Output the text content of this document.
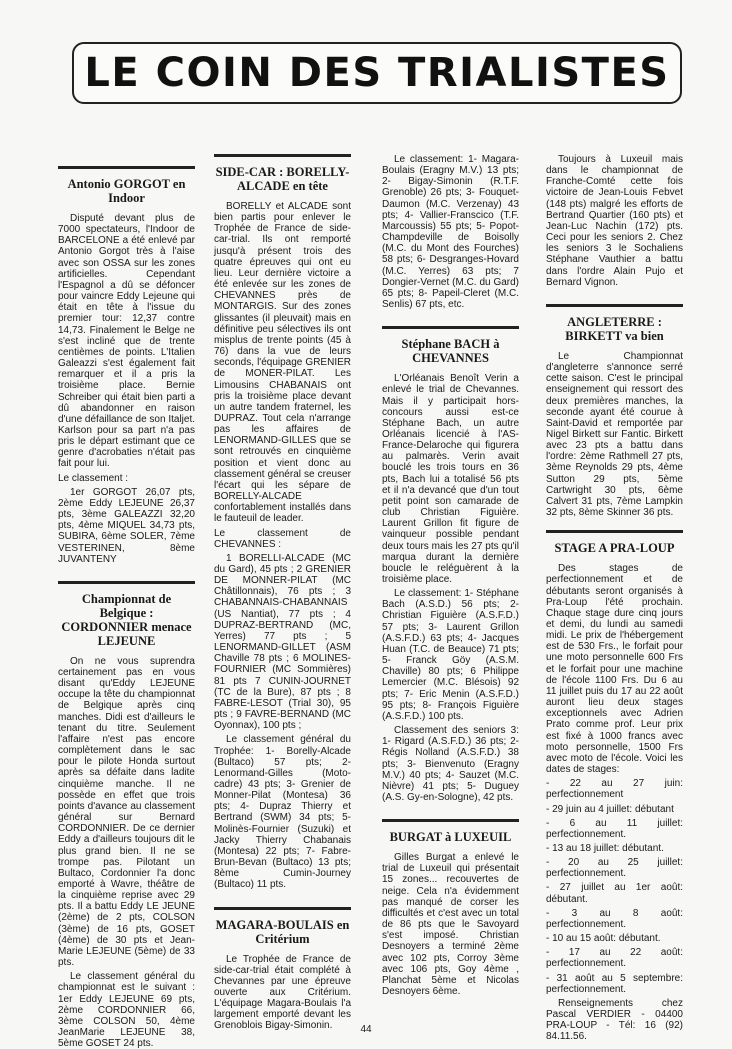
LE COIN DES TRIALISTES
Antonio GORGOT en Indoor

Disputé devant plus de 7000 spectateurs, l'Indoor de BARCELONE a été enlevé par Antonio Gorgot très à l'aise avec son OSSA sur les zones artificielles. Cependant l'Espagnol a dû se défoncer pour vaincre Eddy Lejeune qui était en tête à l'issue du premier tour: 12,37 contre 14,73. Finalement le Belge ne s'est incliné que de trente centièmes de points. L'Italien Galeazzi s'est également fait remarquer et il a pris la troisième place. Bernie Schreiber qui était bien parti a dû abandonner en raison d'une défaillance de son Italjet. Karlson pour sa part n'a pas pris le départ estimant que ce genre d'acrobaties n'était pas fait pour lui.

Le classement :

1er GORGOT 26,07 pts, 2ème Eddy LEJEUNE 26,37 pts, 3ème GALEAZZI 32,20 pts, 4ème MIQUEL 34,73 pts, SUBIRA, 6ème SOLER, 7ème VESTERINEN, 8ème JUVANTENY

Championnat de Belgique : CORDONNIER menace LEJEUNE

On ne vous suprendra certainement pas en vous disant qu'Eddy LEJEUNE occupe la tête du championnat de Belgique après cinq manches. Didi est d'ailleurs le tenant du titre. Seulement l'affaire n'est pas encore complètement dans le sac pour le pilote Honda surtout après sa défaite dans ladite cinquième manche. Il ne possède en effet que trois points d'avance au classement général sur Bernard CORDONNIER. De ce dernier Eddy a d'ailleurs toujours dit le plus grand bien. Il ne se trompe pas. Pilotant un Bultaco, Cordonnier l'a donc emporté à Wavre, théâtre de la cinquième reprise avec 29 pts. Il a battu Eddy LE JEUNE (2ème) de 2 pts, COLSON (3ème) de 16 pts, GOSET (4ème) de 30 pts et Jean-Marie LEJEUNE (5ème) de 33 pts.

Le classement général du championnat est le suivant : 1er Eddy LEJEUNE 69 pts, 2ème CORDONNIER 66, 3ème COLSON 50, 4ème JeanMarie LEJEUNE 38, 5ème GOSET 24 pts.

SIDE-CAR : BORELLY-ALCADE en tête

BORELLY et ALCADE sont bien partis pour enlever le Trophée de France de side-car-trial. Ils ont remporté jusqu'à présent trois des quatre épreuves qui ont eu lieu. Leur dernière victoire a été enlevée sur les zones de CHEVANNES près de MONTARGIS. Sur des zones glissantes (il pleuvait) mais en définitive peu sélectives ils ont misplus de trente points (45 à 76) dans la vue de leurs seconds, l'équipage GRENIER de MONER-PILAT. Les Limousins CHABANAIS ont pris la troisième place devant un autre tandem fraternel, les DUPRAZ. Tout cela n'arrange pas les affaires de LENORMAND-GILLES que se sont retrouvés en cinquième position et vient donc au classement général se creuser l'écart qui les sépare de BORELLY-ALCADE confortablement installés dans le fauteuil de leader.

Le classement de CHEVANNES :

1 BORELLI-ALCADE (MC du Gard), 45 pts ; 2 GRENIER DE MONNER-PILAT (MC Châtillonnais), 76 pts ; 3 CHABANNAIS-CHABANNAIS (US Nantiat), 77 pts ; 4 DUPRAZ-BERTRAND (MC, Yerres) 77 pts ; 5 LENORMAND-GILLET (ASM Chaville 78 pts ; 6 MOLINES-FOURNIER (MC Sommières) 81 pts 7 CUNIN-JOURNET (TC de la Bure), 87 pts ; 8 FABRE-LESOT (Trial 30), 95 pts ; 9 FAVRE-BERNAND (MC Oyonnax), 100 pts ;

Le classement général du Trophée: 1- Borelly-Alcade (Bultaco) 57 pts; 2- Lenormand-Gilles (Moto-cadre) 43 pts; 3- Grenier de Monner-Pilat (Montesa) 36 pts; 4- Dupraz Thierry et Bertrand (SWM) 34 pts; 5- Molinès-Fournier (Suzuki) et Jacky Thierry Chabanais (Montesa) 22 pts; 7- Fabre-Brun-Bevan (Bultaco) 13 pts; 8ème Cumin-Journey (Bultaco) 11 pts.

MAGARA-BOULAIS en Critérium

Le Trophée de France de side-car-trial était complété à Chevannes par une épreuve ouverte aux Critérium. L'équipage Magara-Boulais l'a largement emporté devant les Grenoblois Bigay-Simonin.

Le classement: 1- Magara-Boulais (Eragny M.V.) 13 pts; 2- Bigay-Simonin (R.T.F. Grenoble) 26 pts; 3- Fouquet-Daumon (M.C. Verzenay) 43 pts; 4- Vallier-Franscico (T.F. Marcoussis) 55 pts; 5- Popot-Champdeville de Boisolly (M.C. du Mont des Fourches) 58 pts; 6- Desgranges-Hovard (M.C. Yerres) 63 pts; 7 Dongier-Vernet (M.C. du Gard) 65 pts; 8- Papeil-Cleret (M.C. Senlis) 67 pts, etc.

Stéphane BACH à CHEVANNES

L'Orléanais Benoît Verin a enlevé le trial de Chevannes. Mais il y participait hors-concours aussi est-ce Stéphane Bach, un autre Orléanais licencié à l'AS-France-Delaroche qui figurera au palmarès. Verin avait bouclé les trois tours en 36 pts, Bach lui a totalisé 56 pts et il n'a devancé que d'un tout petit point son camarade de club Christian Figuière. Laurent Grillon fit figure de vainqueur possible pendant deux tours mais les 27 pts qu'il marqua durant la dernière boucle le reléguèrent à la troisième place.

Le classement: 1- Stéphane Bach (A.S.D.) 56 pts; 2- Christian Figuière (A.S.F.D.) 57 pts; 3- Laurent Grillon (A.S.F.D.) 63 pts; 4- Jacques Huan (T.C. de Beauce) 71 pts; 5- Franck Göy (A.S.M. Chaville) 80 pts; 6 Philippe Lemercier (M.C. Blésois) 92 pts; 7- Eric Menin (A.S.F.D.) 95 pts; 8- François Figuière (A.S.F.D.) 100 pts.

Classement des seniors 3: 1- Rigard (A.S.F.D.) 36 pts; 2- Régis Nolland (A.S.F.D.) 38 pts; 3- Bienvenuto (Eragny M.V.) 40 pts; 4- Sauzet (M.C. Nièvre) 41 pts; 5- Duguey (A.S. Gy-en-Sologne), 42 pts.

BURGAT à LUXEUIL

Gilles Burgat a enlevé le trial de Luxeuil qui présentait 15 zones... recouvertes de neige. Cela n'a évidemment pas manqué de corser les difficultés et c'est avec un total de 86 pts que le Savoyard s'est imposé. Christian Desnoyers a terminé 2ème avec 102 pts, Corroy 3ème avec 106 pts, Goy 4ème , Planchat 5ème et Nicolas Desnoyers 6ème.

Toujours à Luxeuil mais dans le championnat de Franche-Comté cette fois victoire de Jean-Louis Febvet (148 pts) malgré les efforts de Bertrand Quartier (160 pts) et Jean-Luc Nachin (172) pts. Ceci pour les seniors 2. Chez les seniors 3 le Sochaliens Stéphane Vauthier a battu dans l'ordre Alain Pujo et Bernard Vignon.

ANGLETERRE : BIRKETT va bien

Le Championnat d'angleterre s'annonce serré cette saison. C'est le principal enseignement qui ressort des deux premières manches, la seconde ayant été courue à Saint-David et remportée par Nigel Birkett sur Fantic. Birkett avec 23 pts a battu dans l'ordre: 2ème Rathmell 27 pts, 3ème Reynolds 29 pts, 4ème Sutton 29 pts, 5ème Cartwright 30 pts, 6ème Calvert 31 pts, 7ème Lampkin 32 pts, 8ème Skinner 36 pts.

STAGE A PRA-LOUP

Des stages de perfectionnement et de débutants seront organisés à Pra-Loup l'été prochain. Chaque stage dure cinq jours et demi, du lundi au samedi midi. Le prix de l'hébergement est de 530 Frs., le forfait pour une moto personnelle 600 Frs et le forfait pour une machine de l'école 1100 Frs. Du 6 au 11 juillet puis du 17 au 22 août auront lieu deux stages exceptionnels avec Adrien Prato comme prof. Leur prix est fixé à 1000 francs avec moto personnelle, 1500 Frs avec moto de l'école. Voici les dates de stages:

- 22 au 27 juin: perfectionnement

- 29 juin au 4 juillet: débutant

- 6 au 11 juillet: perfectionnement.

- 13 au 18 juillet: débutant.

- 20 au 25 juillet: perfectionnement.

- 27 juillet au 1er août: débutant.

- 3 au 8 août: perfectionnement.

- 10 au 15 août: débutant.

- 17 au 22 août: perfectionnement.

- 31 août au 5 septembre: perfectionnement.

Renseignements chez Pascal VERDIER - 04400 PRA-LOUP - Tél: 16 (92) 84.11.56.

44
